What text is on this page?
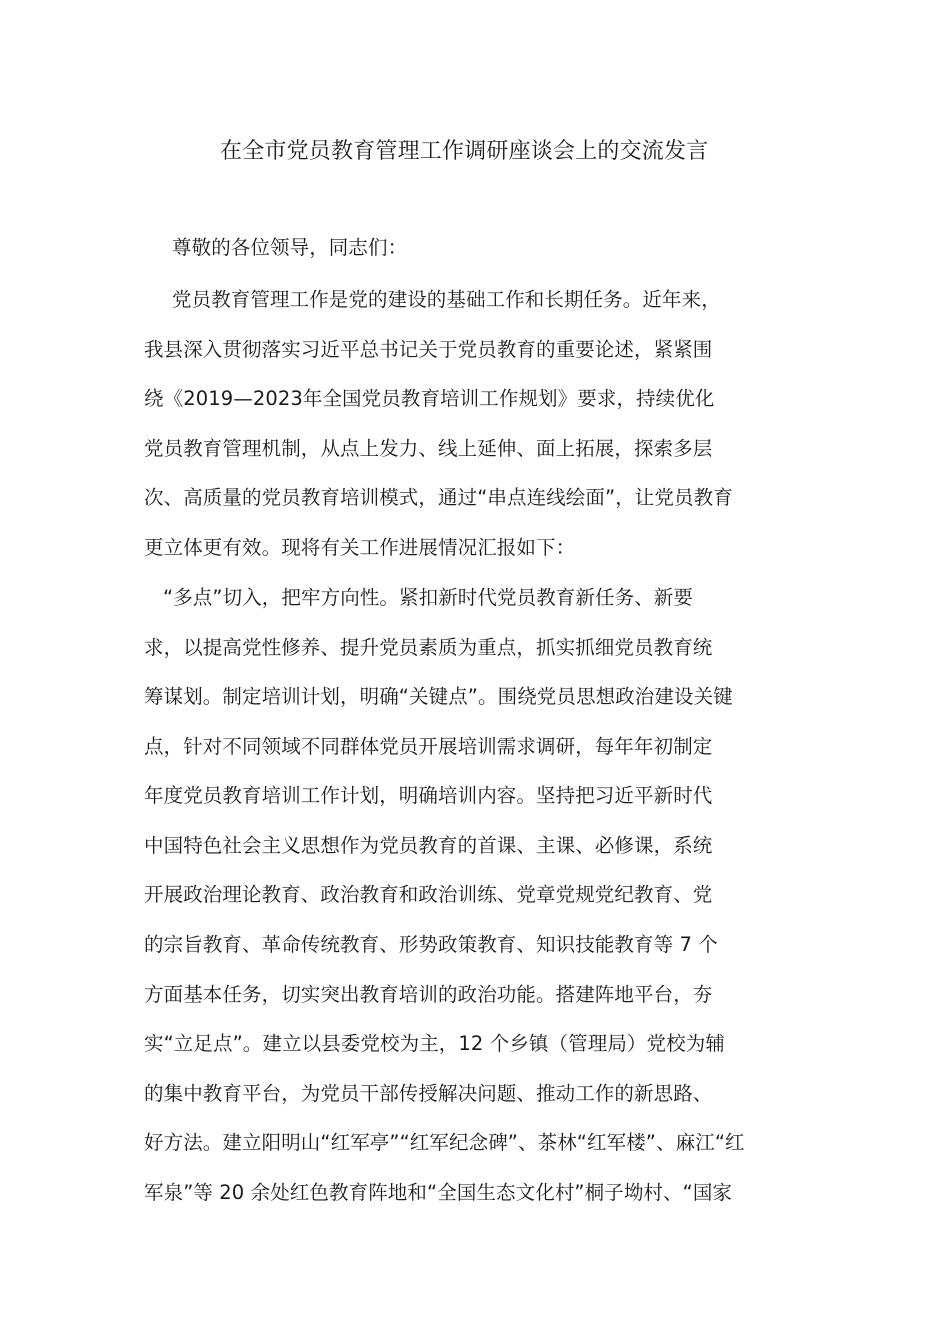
在全市党员教育管理工作调研座谈会上的交流发言
尊敬的各位领导，同志们：
党员教育管理工作是党的建设的基础工作和长期任务。近年来，
我县深入贯彻落实习近平总书记关于党员教育的重要论述，紧紧围
绕《2019—2023年全国党员教育培训工作规划》要求，持续优化
党员教育管理机制，从点上发力、线上延伸、面上拓展，探索多层
次、高质量的党员教育培训模式，通过“串点连线绘面”，让党员教育
更立体更有效。现将有关工作进展情况汇报如下：
“多点”切入，把牢方向性。紧扣新时代党员教育新任务、新要
求，以提高党性修养、提升党员素质为重点，抓实抓细党员教育统
筹谋划。制定培训计划，明确“关键点”。围绕党员思想政治建设关键
点，针对不同领域不同群体党员开展培训需求调研，每年年初制定
年度党员教育培训工作计划，明确培训内容。坚持把习近平新时代
中国特色社会主义思想作为党员教育的首课、主课、必修课，系统
开展政治理论教育、政治教育和政治训练、党章党规党纪教育、党
的宗旨教育、革命传统教育、形势政策教育、知识技能教育等 7 个
方面基本任务，切实突出教育培训的政治功能。搭建阵地平台，夯
实“立足点”。建立以县委党校为主，12 个乡镇（管理局）党校为辅
的集中教育平台，为党员干部传授解决问题、推动工作的新思路、
好方法。建立阳明山“红军亭”“红军纪念碑”、茶林“红军楼”、麻江“红
军泉”等 20 余处红色教育阵地和“全国生态文化村”桐子坳村、“国家
